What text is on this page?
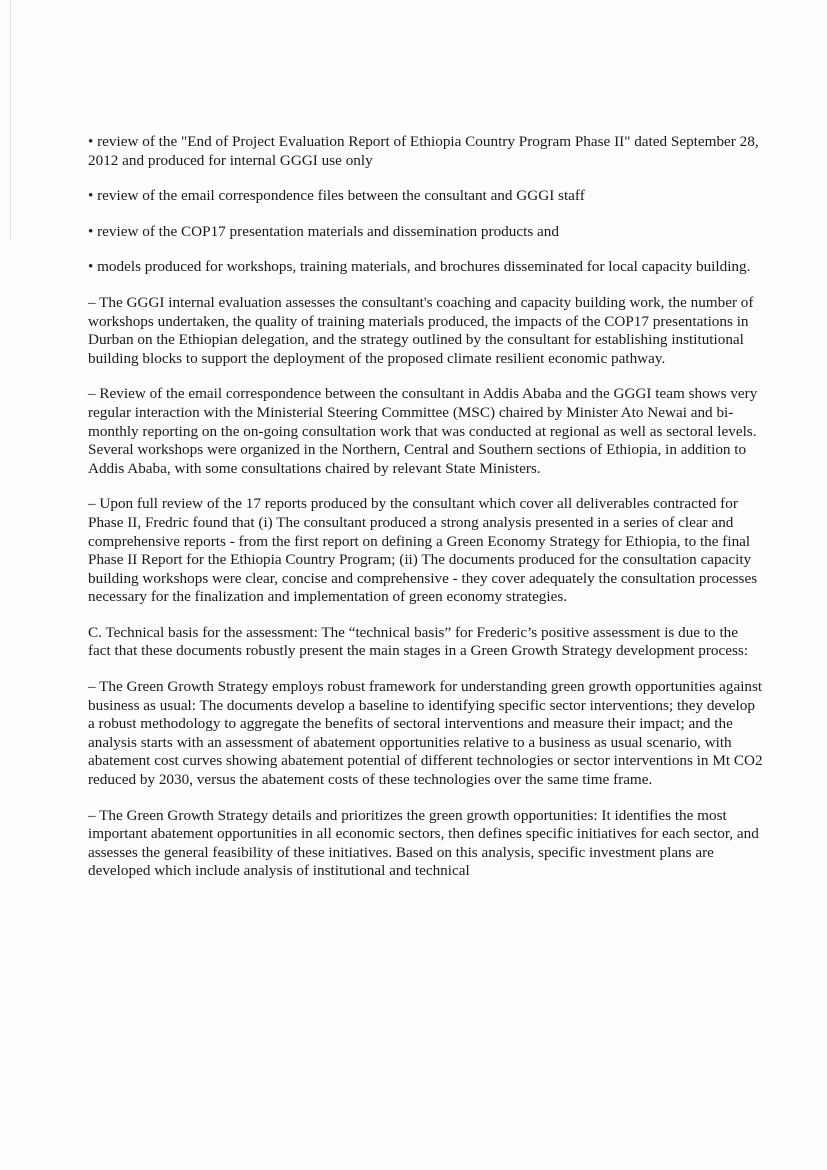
• review of the "End of Project Evaluation Report of Ethiopia Country Program Phase II" dated September 28, 2012 and produced for internal GGGI use only

• review of the email correspondence files between the consultant and GGGI staff

• review of the COP17 presentation materials and dissemination products and

• models produced for workshops, training materials, and brochures disseminated for local capacity building.

– The GGGI internal evaluation assesses the consultant's coaching and capacity building work, the number of workshops undertaken, the quality of training materials produced, the impacts of the COP17 presentations in Durban on the Ethiopian delegation, and the strategy outlined by the consultant for establishing institutional building blocks to support the deployment of the proposed climate resilient economic pathway.

– Review of the email correspondence between the consultant in Addis Ababa and the GGGI team shows very regular interaction with the Ministerial Steering Committee (MSC) chaired by Minister Ato Newai and bi-monthly reporting on the on-going consultation work that was conducted at regional as well as sectoral levels. Several workshops were organized in the Northern, Central and Southern sections of Ethiopia, in addition to Addis Ababa, with some consultations chaired by relevant State Ministers.

– Upon full review of the 17 reports produced by the consultant which cover all deliverables contracted for Phase II, Fredric found that (i) The consultant produced a strong analysis presented in a series of clear and comprehensive reports - from the first report on defining a Green Economy Strategy for Ethiopia, to the final Phase II Report for the Ethiopia Country Program; (ii) The documents produced for the consultation capacity building workshops were clear, concise and comprehensive - they cover adequately the consultation processes necessary for the finalization and implementation of green economy strategies.

C. Technical basis for the assessment: The “technical basis” for Frederic’s positive assessment is due to the fact that these documents robustly present the main stages in a Green Growth Strategy development process:

– The Green Growth Strategy employs robust framework for understanding green growth opportunities against business as usual: The documents develop a baseline to identifying specific sector interventions; they develop a robust methodology to aggregate the benefits of sectoral interventions and measure their impact; and the analysis starts with an assessment of abatement opportunities relative to a business as usual scenario, with abatement cost curves showing abatement potential of different technologies or sector interventions in Mt CO2 reduced by 2030, versus the abatement costs of these technologies over the same time frame.

– The Green Growth Strategy details and prioritizes the green growth opportunities: It identifies the most important abatement opportunities in all economic sectors, then defines specific initiatives for each sector, and assesses the general feasibility of these initiatives. Based on this analysis, specific investment plans are developed which include analysis of institutional and technical
